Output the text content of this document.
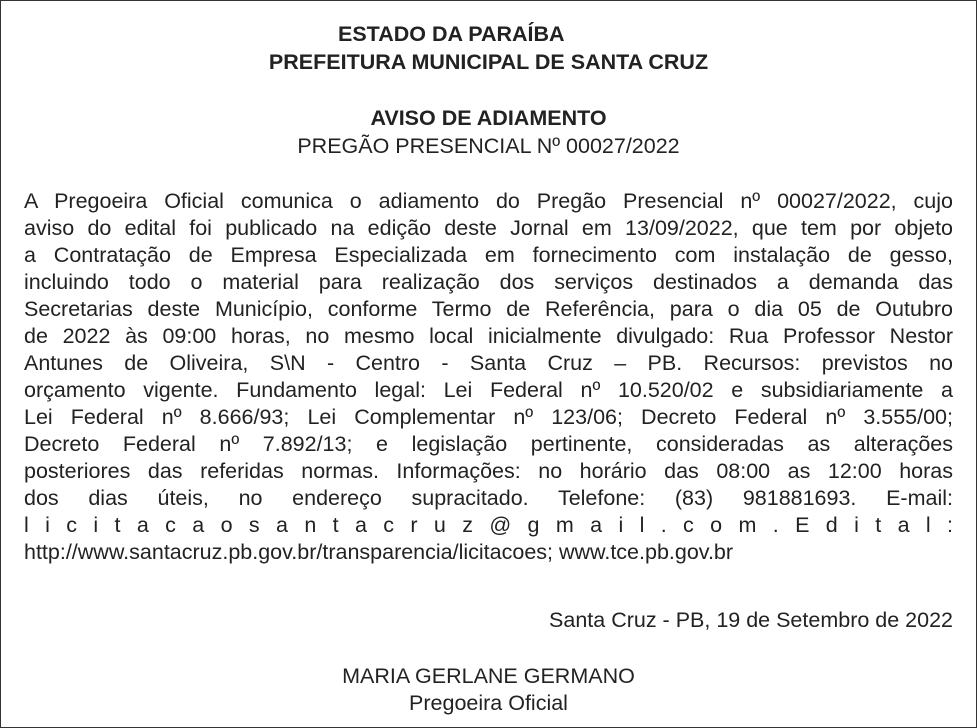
ESTADO DA PARAÍBA
PREFEITURA MUNICIPAL DE SANTA CRUZ
AVISO DE ADIAMENTO
PREGÃO PRESENCIAL Nº 00027/2022
A Pregoeira Oficial comunica o adiamento do Pregão Presencial nº 00027/2022, cujo
aviso do edital foi publicado na edição deste Jornal em 13/09/2022, que tem por objeto
a Contratação de Empresa Especializada em fornecimento com instalação de gesso,
incluindo todo o material para realização dos serviços destinados a demanda das
Secretarias deste Município, conforme Termo de Referência, para o dia 05 de Outubro
de 2022 às 09:00 horas, no mesmo local inicialmente divulgado: Rua Professor Nestor
Antunes de Oliveira, S\N - Centro - Santa Cruz – PB. Recursos: previstos no
orçamento vigente. Fundamento legal: Lei Federal nº 10.520/02 e subsidiariamente a
Lei Federal nº 8.666/93; Lei Complementar nº 123/06; Decreto Federal nº 3.555/00;
Decreto Federal nº 7.892/13; e legislação pertinente, consideradas as alterações
posteriores das referidas normas. Informações: no horário das 08:00 as 12:00 horas
dos dias úteis, no endereço supracitado. Telefone: (83) 981881693. E-mail:
l i c i t a c a o s a n t a c r u z @ g m a i l . c o m . E d i t a l :
http://www.santacruz.pb.gov.br/transparencia/licitacoes; www.tce.pb.gov.br
Santa Cruz - PB, 19 de Setembro de 2022
MARIA GERLANE GERMANO
Pregoeira Oficial
